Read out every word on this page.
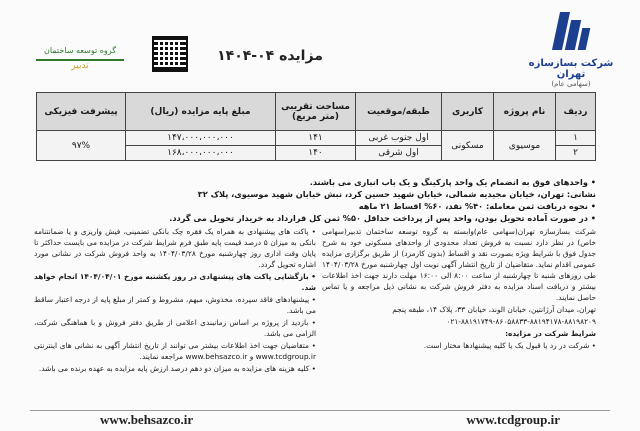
شرکت بسازسازه تهران
(سهامی عام)
مزایده ۰۴-۱۴۰۴
گروه توسعه ساختمان
تدبیر
ردیف	نام پروژه	کاربری	طبقه/موقعیت	مساحت تقریبی (متر مربع)	مبلغ پایه مزایده (ریال)	پیشرفت فیزیکی
۱	موسیوی	مسکونی	اول جنوب غربی	۱۴۱	۱۴۷،۰۰۰،۰۰۰،۰۰۰	۹۷%
۲			اول شرقی	۱۴۰	۱۶۸،۰۰۰،۰۰۰،۰۰۰	

• واحدهای فوق به انضمام یک واحد پارکینگ و یک باب انباری می باشند.

نشانی: تهران، خیابان مجیدیه شمالی، خیابان شهید حسین کرد، نبش خیابان شهید موسیوی، پلاک ۳۲

• نحوه دریافت ثمن معامله: ۴۰% نقد، ۶۰% اقساط ۲۱ ماهه

• در صورت آماده تحویل بودن، واحد پس از پرداخت حداقل ۵۰% ثمن کل قرارداد به خریدار تحویل می گردد.

شرکت بسازسازه تهران(سهامی عام)وابسته به گروه توسعه ساختمان تدبیر(سهامی خاص) در نظر دارد نسبت به فروش تعداد محدودی از واحدهای مسکونی خود به شرح جدول فوق با شرایط ویژه بصورت نقد و اقساط (بدون کارمزد) از طریق برگزاری مزایده عمومی اقدام نماید. متقاضیان از تاریخ انتشار آگهی نوبت اول چهارشنبه مورخ ۱۴۰۴/۰۳/۲۸ طی روزهای شنبه تا چهارشنبه از ساعت ۸:۰۰ الی ۱۶:۰۰ مهلت دارند جهت اخذ اطلاعات بیشتر و دریافت اسناد مزایده به دفتر فروش شرکت به نشانی ذیل مراجعه و یا تماس حاصل نمایند.

تهران، میدان آرژانتین، خیابان الوند، خیابان ۳۳، پلاک ۱۴، طبقه پنجم

۰۲۱-۸۸۱۹۱۷۴۹-۸۶۰۵۸۸۳۳-۸۸۱۹۴۱۷۸-۸۸۱۹۸۲۰۹

شرایط شرکت در مزایده:

• شرکت در رد یا قبول یک یا کلیه پیشنهادها مختار است.

• پاکت های پیشنهادی به همراه یک فقره چک بانکی تضمینی، فیش واریزی و یا ضمانتنامه بانکی به میزان ۵ درصد قیمت پایه طبق فرم شرایط شرکت در مزایده می بایست حداکثر تا پایان وقت اداری روز چهارشنبه مورخ ۱۴۰۴/۰۳/۲۸ به واحد فروش شرکت در نشانی مورد اشاره تحویل گردد.

• بازگشایی پاکت های پیشنهادی در روز یکشنبه مورخ ۱۴۰۴/۰۴/۰۱ انجام خواهد شد.

• پیشنهادهای فاقد سپرده، مخدوش، مبهم، مشروط و کمتر از مبلغ پایه از درجه اعتبار ساقط می باشد.

• بازدید از پروژه بر اساس زمانبندی اعلامی از طریق دفتر فروش و با هماهنگی شرکت، الزامی می باشد.

• متقاضیان جهت اخذ اطلاعات بیشتر می توانند از تاریخ انتشار آگهی به نشانی های اینترنتی www.tcdgroup.ir و www.behsazco.ir مراجعه نمایند.

• کلیه هزینه های مزایده به میزان دو دهم درصد ارزش پایه مزایده به عهده برنده می باشد.

www.behsazco.ir	www.tcdgroup.ir
